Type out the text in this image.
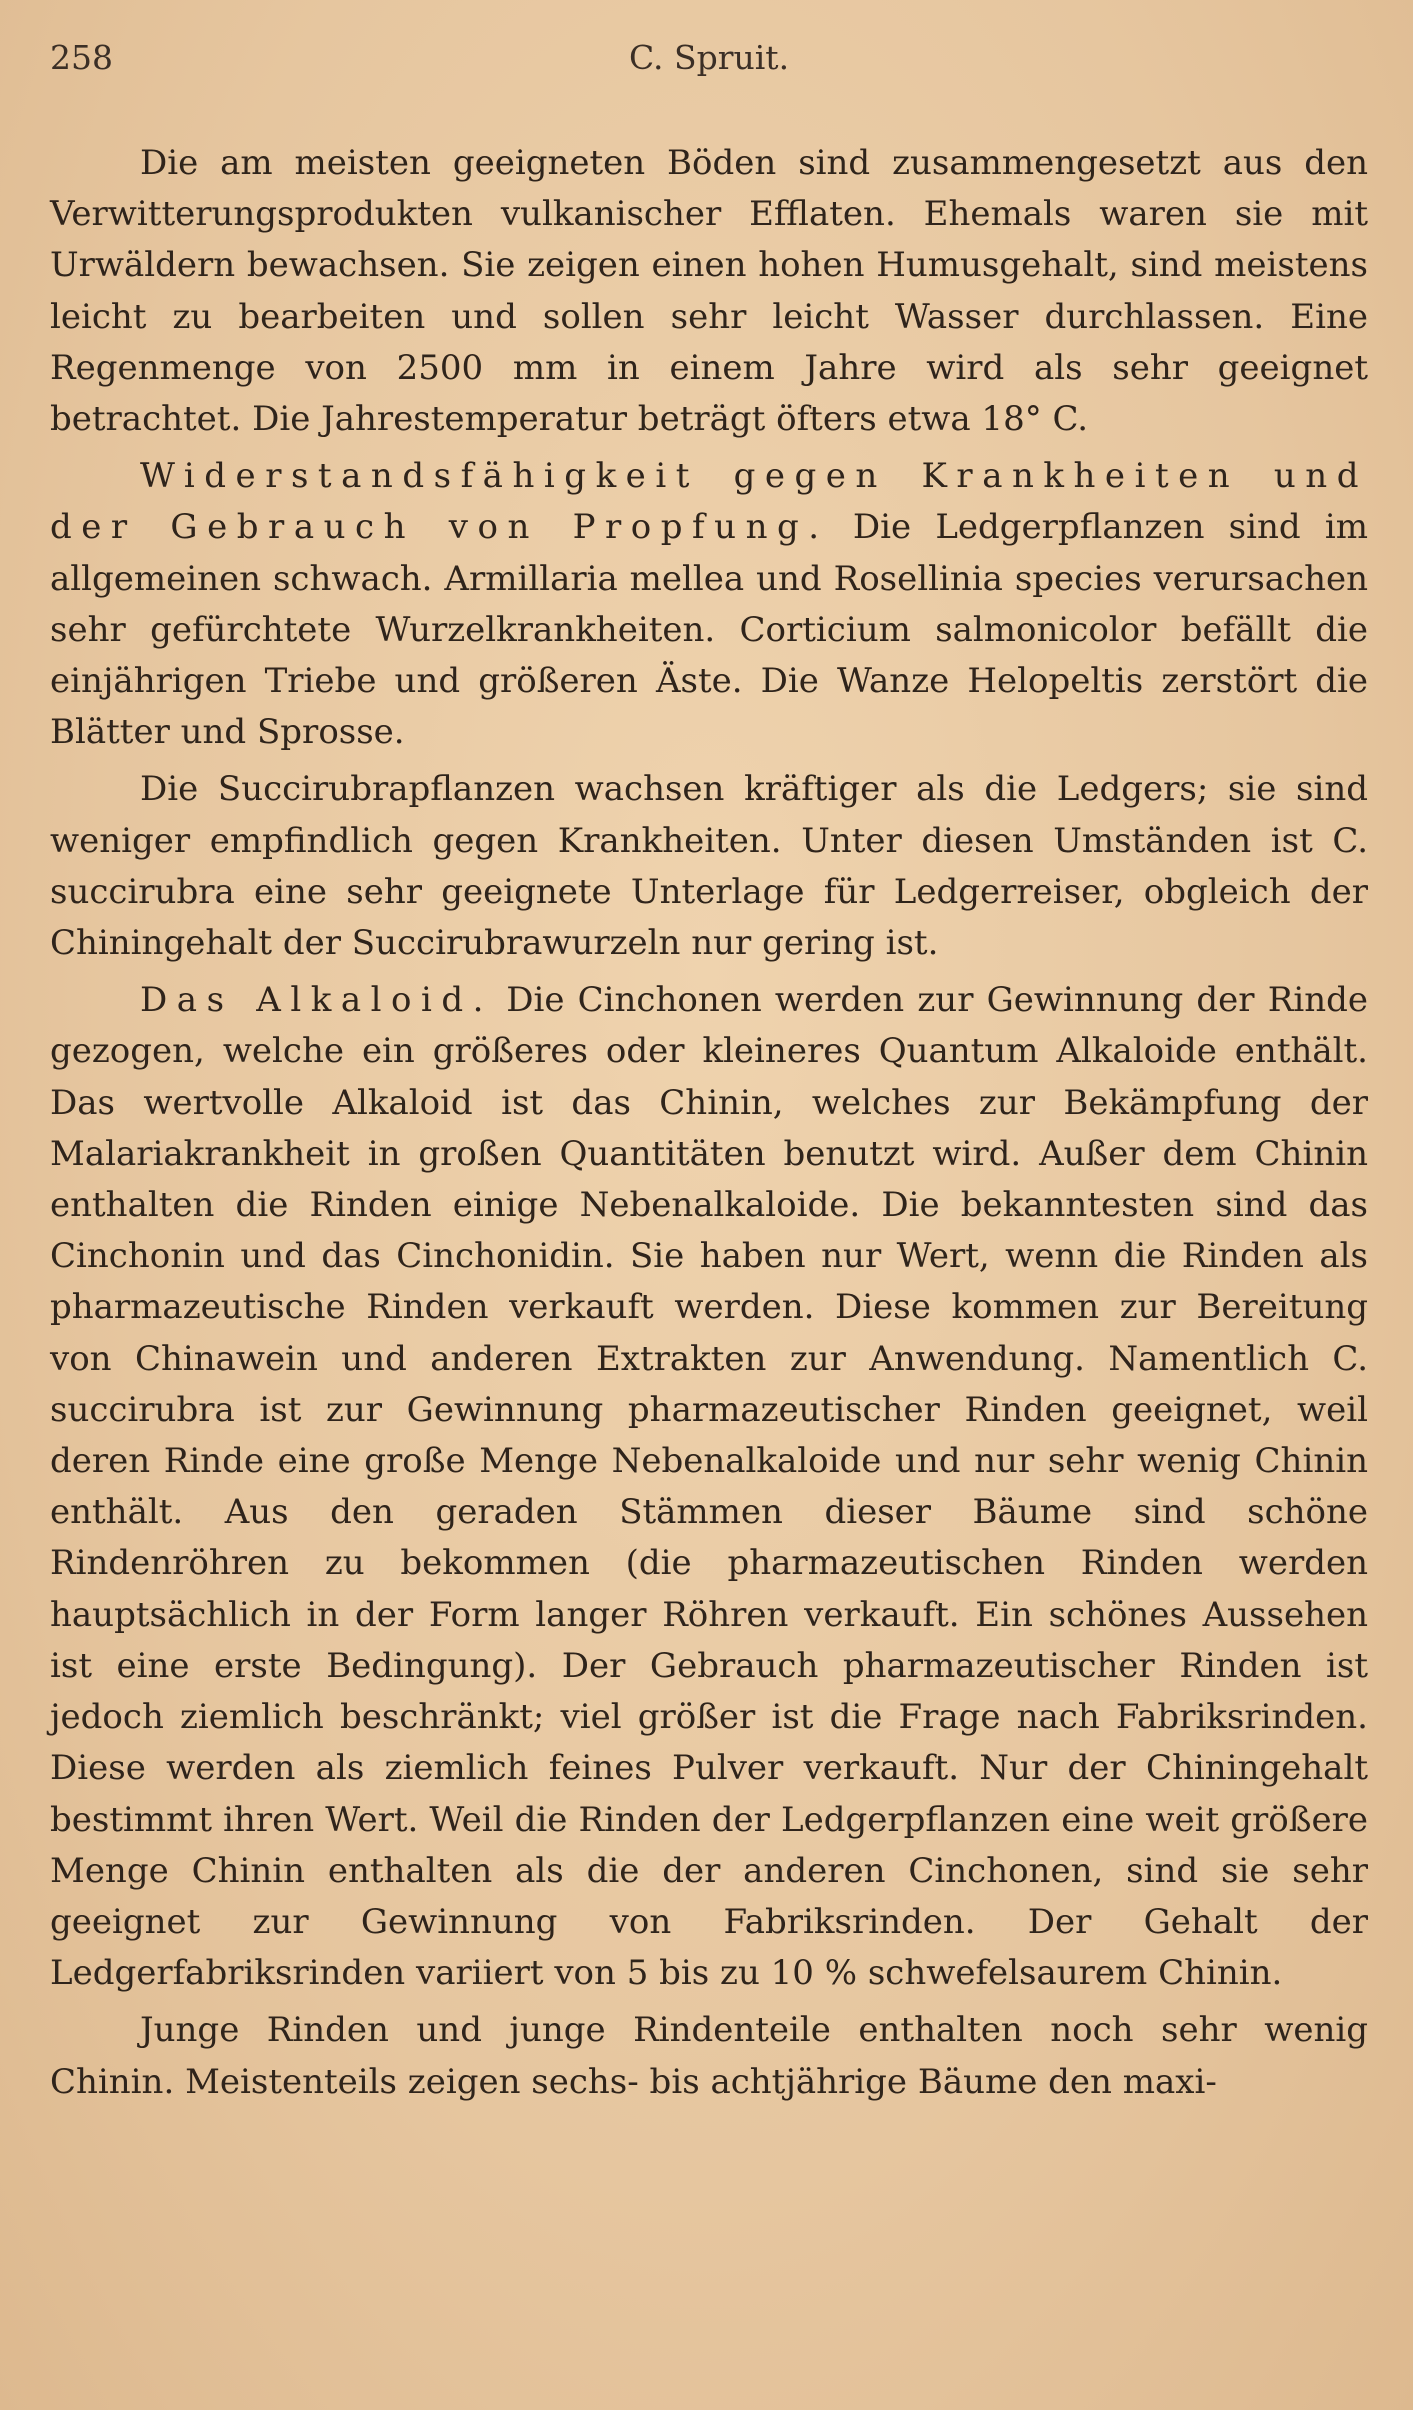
258	C. Spruit.

Die am meisten geeigneten Böden sind zusammengesetzt aus den Verwitterungsprodukten vulkanischer Efflaten. Ehemals waren sie mit Urwäldern bewachsen. Sie zeigen einen hohen Humusgehalt, sind meistens leicht zu bearbeiten und sollen sehr leicht Wasser durchlassen. Eine Regenmenge von 2500 mm in einem Jahre wird als sehr geeignet betrachtet. Die Jahrestemperatur beträgt öfters etwa 18° C.

Widerstandsfähigkeit gegen Krankheiten und der Gebrauch von Propfung. Die Ledgerpflanzen sind im allgemeinen schwach. Armillaria mellea und Rosellinia species verursachen sehr gefürchtete Wurzelkrankheiten. Corticium salmonicolor befällt die einjährigen Triebe und größeren Äste. Die Wanze Helopeltis zerstört die Blätter und Sprosse.

Die Succirubrapflanzen wachsen kräftiger als die Ledgers; sie sind weniger empfindlich gegen Krankheiten. Unter diesen Umständen ist C. succirubra eine sehr geeignete Unterlage für Ledgerreiser, obgleich der Chiningehalt der Succirubrawurzeln nur gering ist.

Das Alkaloid. Die Cinchonen werden zur Gewinnung der Rinde gezogen, welche ein größeres oder kleineres Quantum Alkaloide enthält. Das wertvolle Alkaloid ist das Chinin, welches zur Bekämpfung der Malariakrankheit in großen Quantitäten benutzt wird. Außer dem Chinin enthalten die Rinden einige Nebenalkaloide. Die bekanntesten sind das Cinchonin und das Cinchonidin. Sie haben nur Wert, wenn die Rinden als pharmazeutische Rinden verkauft werden. Diese kommen zur Bereitung von Chinawein und anderen Extrakten zur Anwendung. Namentlich C. succirubra ist zur Gewinnung pharmazeutischer Rinden geeignet, weil deren Rinde eine große Menge Nebenalkaloide und nur sehr wenig Chinin enthält. Aus den geraden Stämmen dieser Bäume sind schöne Rindenröhren zu bekommen (die pharmazeutischen Rinden werden hauptsächlich in der Form langer Röhren verkauft. Ein schönes Aussehen ist eine erste Bedingung). Der Gebrauch pharmazeutischer Rinden ist jedoch ziemlich beschränkt; viel größer ist die Frage nach Fabriksrinden. Diese werden als ziemlich feines Pulver verkauft. Nur der Chiningehalt bestimmt ihren Wert. Weil die Rinden der Ledgerpflanzen eine weit größere Menge Chinin enthalten als die der anderen Cinchonen, sind sie sehr geeignet zur Gewinnung von Fabriksrinden. Der Gehalt der Ledgerfabriksrinden variiert von 5 bis zu 10 % schwefelsaurem Chinin.

Junge Rinden und junge Rindenteile enthalten noch sehr wenig Chinin. Meistenteils zeigen sechs- bis achtjährige Bäume den maxi-
